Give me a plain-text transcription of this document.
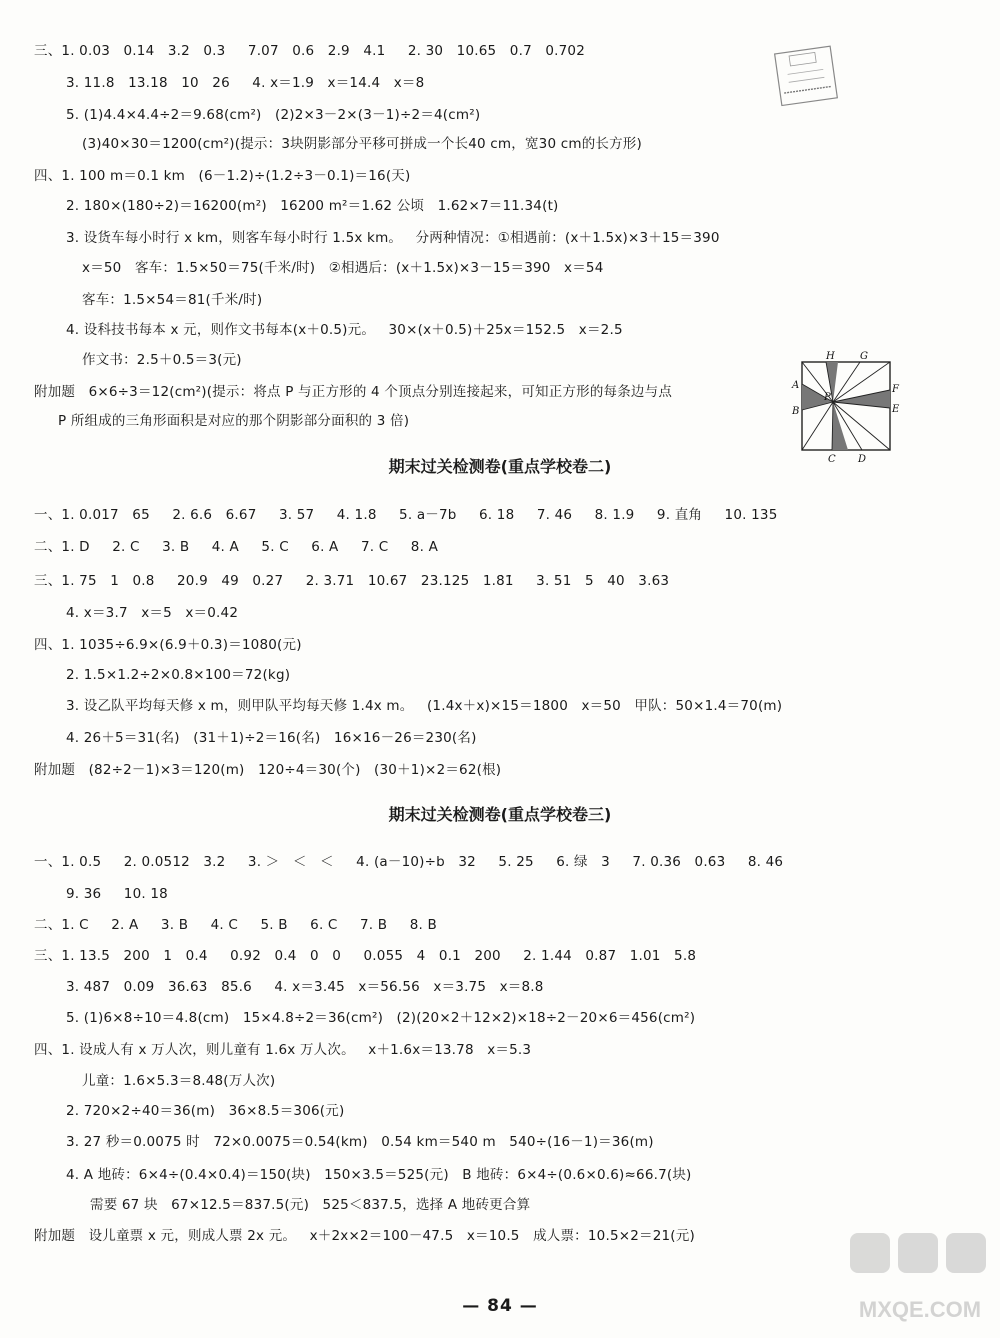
三、1. 0.03   0.14   3.2   0.3     7.07   0.6   2.9   4.1     2. 30   10.65   0.7   0.702
3. 11.8   13.18   10   26     4. x＝1.9   x＝14.4   x＝8
5. (1)4.4×4.4÷2＝9.68(cm²)   (2)2×3－2×(3－1)÷2＝4(cm²)
(3)40×30＝1200(cm²)(提示：3块阴影部分平移可拼成一个长40 cm，宽30 cm的长方形)
四、1. 100 m＝0.1 km   (6－1.2)÷(1.2÷3－0.1)＝16(天)
2. 180×(180÷2)＝16200(m²)   16200 m²＝1.62 公顷   1.62×7＝11.34(t)
3. 设货车每小时行 x km，则客车每小时行 1.5x km。   分两种情况：①相遇前：(x＋1.5x)×3＋15＝390
x＝50   客车：1.5×50＝75(千米/时)   ②相遇后：(x＋1.5x)×3－15＝390   x＝54
客车：1.5×54＝81(千米/时)
4. 设科技书每本 x 元，则作文书每本(x＋0.5)元。   30×(x＋0.5)＋25x＝152.5   x＝2.5
作文书：2.5＋0.5＝3(元)
附加题   6×6÷3＝12(cm²)(提示：将点 P 与正方形的 4 个顶点分别连接起来，可知正方形的每条边与点
P 所组成的三角形面积是对应的那个阴影部分面积的 3 倍)
H	G
A	F
P
B	E
C D
期末过关检测卷(重点学校卷二)
一、1. 0.017   65     2. 6.6̇   6.67     3. 57     4. 1.8     5. a－7b     6. 18     7. 46     8. 1.9     9. 直角     10. 135
二、1. D     2. C     3. B     4. A     5. C     6. A     7. C     8. A
三、1. 75   1   0.8     20.9   49   0.27     2. 3.71   10.67   23.125   1.8̇1̇     3. 51   5   40   3.63
4. x＝3.7   x＝5   x＝0.42
四、1. 1035÷6.9×(6.9＋0.3)＝1080(元)
2. 1.5×1.2÷2×0.8×100＝72(kg)
3. 设乙队平均每天修 x m，则甲队平均每天修 1.4x m。   (1.4x＋x)×15＝1800   x＝50   甲队：50×1.4＝70(m)
4. 26＋5＝31(名)   (31＋1)÷2＝16(名)   16×16－26＝230(名)
附加题   (82÷2－1)×3＝120(m)   120÷4＝30(个)   (30＋1)×2＝62(根)
期末过关检测卷(重点学校卷三)
一、1. 0.5     2. 0.0512   3.2     3. ＞   ＜   ＜     4. (a－10)÷b   32     5. 25     6. 绿   3     7. 0.3̇6̇   0.6̇3̇     8. 46
9. 36     10. 18
二、1. C     2. A     3. B     4. C     5. B     6. C     7. B     8. B
三、1. 13.5   200   1   0.4     0.92   0.4   0   0     0.055   4   0.1   200     2. 1.44   0.87   1.01   5.8
3. 487   0.09   36.63   85.6     4. x＝3.45   x＝56.56   x＝3.75   x＝8.8
5. (1)6×8÷10＝4.8(cm)   15×4.8÷2＝36(cm²)   (2)(20×2＋12×2)×18÷2－20×6＝456(cm²)
四、1. 设成人有 x 万人次，则儿童有 1.6x 万人次。   x＋1.6x＝13.78   x＝5.3
儿童：1.6×5.3＝8.48(万人次)
2. 720×2÷40＝36(m)   36×8.5＝306(元)
3. 27 秒＝0.0075 时   72×0.0075＝0.54(km)   0.54 km＝540 m   540÷(16－1)＝36(m)
4. A 地砖：6×4÷(0.4×0.4)＝150(块)   150×3.5＝525(元)   B 地砖：6×4÷(0.6×0.6)≈66.7(块)
需要 67 块   67×12.5＝837.5(元)   525＜837.5，选择 A 地砖更合算
附加题   设儿童票 x 元，则成人票 2x 元。   x＋2x×2＝100－47.5   x＝10.5   成人票：10.5×2＝21(元)
— 84 —	MXQE.COM
